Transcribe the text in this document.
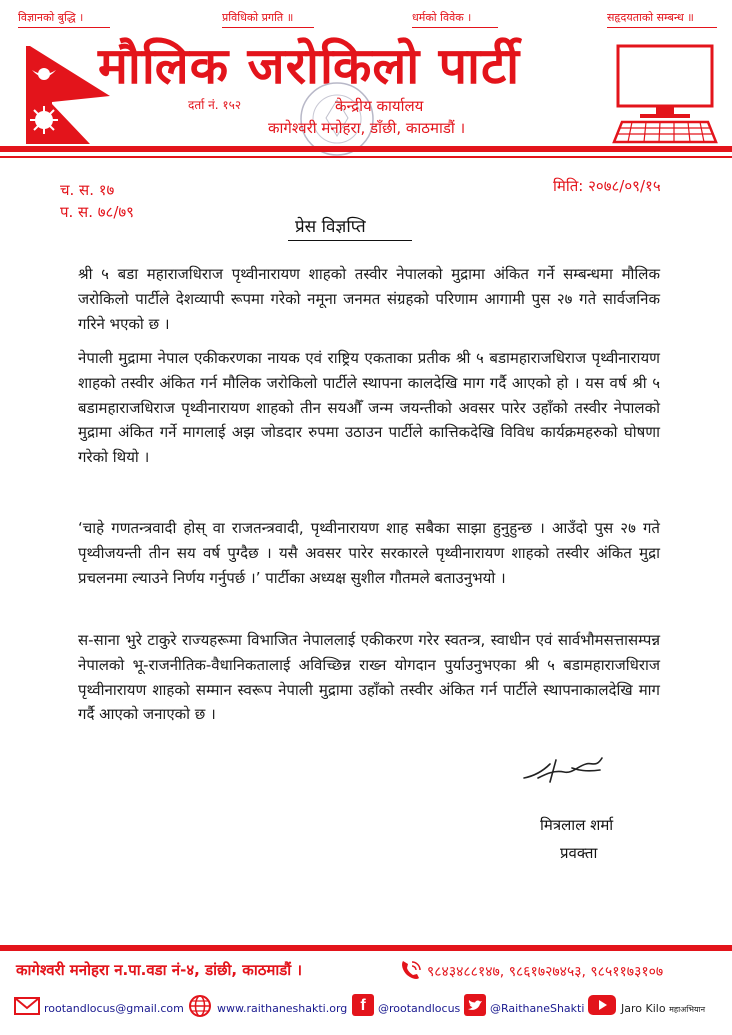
विज्ञानको बुद्धि ।	प्रविधिको प्रगति ॥	धर्मको विवेक ।	सहृदयताको सम्बन्ध ॥
मौलिक जरोकिलो पार्टी
दर्ता नं. १५२	केन्द्रीय कार्यालय
कागेश्वरी मनोहरा, डाँछी, काठमाडौं ।
च. स. १७
प. स. ७८/७९
मिति: २०७८/०९/१५
प्रेस विज्ञप्ति
श्री ५ बडा महाराजधिराज पृथ्वीनारायण शाहको तस्वीर नेपालको मुद्रामा अंकित गर्ने सम्बन्धमा मौलिक जरोकिलो पार्टीले देशव्यापी रूपमा गरेको नमूना जनमत संग्रहको परिणाम आगामी पुस २७ गते सार्वजनिक गरिने भएको छ ।
नेपाली मुद्रामा नेपाल एकीकरणका नायक एवं राष्ट्रिय एकताका प्रतीक श्री ५ बडामहाराजधिराज पृथ्वीनारायण शाहको तस्वीर अंकित गर्न मौलिक जरोकिलो पार्टीले स्थापना कालदेखि माग गर्दै आएको हो । यस वर्ष श्री ५ बडामहाराजधिराज पृथ्वीनारायण शाहको तीन सयऔँ जन्म जयन्तीको अवसर पारेर उहाँको तस्वीर नेपालको मुद्रामा अंकित गर्ने मागलाई अझ जोडदार रुपमा उठाउन पार्टीले कात्तिकदेखि विविध कार्यक्रमहरुको घोषणा गरेको थियो ।
‘चाहे गणतन्त्रवादी होस् वा राजतन्त्रवादी, पृथ्वीनारायण शाह सबैका साझा हुनुहुन्छ । आउँदो पुस २७ गते पृथ्वीजयन्ती तीन सय वर्ष पुग्दैछ । यसै अवसर पारेर सरकारले पृथ्वीनारायण शाहको तस्वीर अंकित मुद्रा प्रचलनमा ल्याउने निर्णय गर्नुपर्छ ।’ पार्टीका अध्यक्ष सुशील गौतमले बताउनुभयो ।
स-साना भुरे टाकुरे राज्यहरूमा विभाजित नेपाललाई एकीकरण गरेर स्वतन्त्र, स्वाधीन एवं सार्वभौमसत्तासम्पन्न नेपालको भू-राजनीतिक-वैधानिकतालाई अविच्छिन्न राख्न योगदान पुर्याउनुभएका श्री ५ बडामहाराजधिराज पृथ्वीनारायण शाहको सम्मान स्वरूप नेपाली मुद्रामा उहाँको तस्वीर अंकित गर्न पार्टीले स्थापनाकालदेखि माग गर्दै आएको जनाएको छ ।
मित्रलाल शर्मा
प्रवक्ता
कागेश्वरी मनोहरा न.पा.वडा नं-४, डांछी, काठमाडौं ।	९८४३४८८१४७, ९८६१७२७४५३, ९८५११७३१०७
rootandlocus@gmail.com	www.raithaneshakti.org f	@rootandlocus	@RaithaneShakti	Jaro Kilo महाअभियान
